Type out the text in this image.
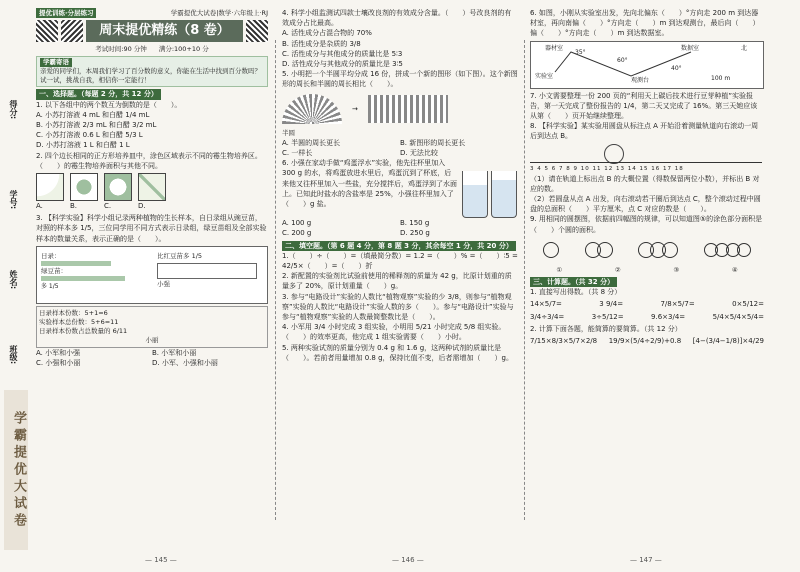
得分:
学号:
姓名:
班级:
学霸提优大试卷
提优训练·分层练习	学霸提优大试卷|数学·六年级上·RJ
周末提优精练（8 卷）
考试时间:90 分钟 满分:100+10 分
学霸寄语

亲爱的同学们，本周我们学习了百分数的意义，你能在生活中找到百分数吗？试一试，挑战自我，相信你一定能行！

一、选择题。（每题 2 分，共 12 分）

1. 以下各组中的两个数互为倒数的是（　　）。

A. 小苏打溶液 4 mL 和白醋 1/4 mL

B. 小苏打溶液 2/3 mL 和白醋 3/2 mL

C. 小苏打溶液 0.6 L 和白醋 5/3 L

D. 小苏打溶液 1 L 和白醋 1 L

2. 四个边长相同的正方形培养皿中，涂色区域表示不同的霉生物培养区。（　　）的霉生物培养面积与其他不同。

A.	B.	C.	D.

3. 【科学实验】科学小组记录两种植物的生长样本，自日录组从豌豆苗，对照的样本多 1/5，三位同学用不同方式表示日录组，绿豆苗组及全部实验样本的数量关系，表示正确的是（　　）。

日录：
绿豆苗：
多 1/5
比红豆苗多 1/5
小强

日录样本份数：5+1=6

实验样本总份数：5+6=11

日录样本份数占总数量的 6/11

小丽

A. 小军和小强	B. 小军和小丽
C. 小强和小丽	D. 小军、小强和小丽
— 145 —

4. 科学小组监测试四款士壤改良剂的有效成分含量。（　　）号改良剂的有效成分占比最高。

A. 活性成分占混合物的 70%

B. 活性成分是杂质的 3/8

C. 活性成分与其他成分的质量比是 5∶3

D. 活性成分与其他成分的质量比是 3∶5

5. 小明把一个半圆平均分成 16 份，拼成一个新的图形（如下图）。这个新图形的周长和半圆的周长相比（　　）。

→

半圆

A. 半圆的周长更长	B. 新图形的周长更长
C. 一样长	D. 无法比较

6. 小强在家动手做“鸡蛋浮水”实验，他先往杯里加入 300 g 的水，将鸡蛋放进水里后，鸡蛋沉到了杯底，后来他又往杯里加入一些盐，充分搅拌后，鸡蛋浮到了水面上。已知此时盐水的含盐率是 25%，小强往杯里加入了（　　）g 盐。

A. 100 g	B. 150 g
C. 200 g	D. 250 g

二、填空题。（第 6 题 4 分，第 8 题 3 分，其余每空 1 分，共 20 分）

1.（　　）÷（　　）=（填最简分数）= 1.2 =（　　）% =（　　）∶5 = 42/5×（　　）=（　　）折

2. 新配置的实验剂比试验前使用的稀释剂的质量为 42 g，比原计划重的质量多了 20%，原计划重量（　　）g。

3. 参与“电路设计”实验的人数比“植物观察”实验的少 3/8，则参与“植物观察”实验的人数比“电路设计”实验人数的多（　　）。参与“电路设计”实验与参与“植物观察”实验的人数最简整数比是（　　）。

4. 小军用 3/4 小时完成 3 组实验，小明用 5/21 小时完成 5/8 组实验。（　　）的效率更高，他完成 1 组实验需要（　　）小时。

5. 两种实验试剂的质量分别为 0.4 g 和 1.6 g，这两种试剂的质量比是（　　）。若前者用量增加 0.8 g，保持比值不变，后者需增加（　　）g。

— 146 —

6. 如图，小刚从实验室出发，先向北偏东（　　）°方向走 200 m 到达器材室，再向南偏（　　）°方向走（　　）m 到达观测台，最后向（　　）偏（　　）°方向走（　　）m 到达数据室。

器材室	数据室
实验室
观测台
35°
60°
40°
100 m
北

7. 小文需要整理一份 200 页的“利用天上碳后技术进行豆芽种植”实验报告，第一天完成了整份报告的 1/4，第二天又完成了 16%。第三天她应该从第（　　）页开始继续整理。

8. 【科学实验】某实验用圆盘从标注点 A 开始沿着测量轨道向右滚动一周后到达点 B。

3 4 5 6 7 8 9 10 11 12 13 14 15 16 17 18

（1）请在轨道上标出点 B 的大概位置（得数保留两位小数），并标出 B 对应的数。

（2）若圆盘从点 A 出发，向右滚动若干圈后到达点 C，整个滚动过程中圆盘的总面积（　　）平方厘米，点 C 对应的数是（　　）。

9. 用相同的圆摆图，依据前四幅图的规律，可以知道图⑤的涂色部分面积是（　　）个圆的面积。

①	②	③	④

三、计算题。（共 32 分）

1. 直接写出得数。（共 8 分）

14×5/7=	3 9/4=	7/8×5/7=	0×5/12=
3/4÷3/4=	3÷5/12=	9.6×3/4=	5/4×5/4×5/4=

2. 计算下面各题，能简算的要简算。（共 12 分）

7/15×8/3×5/7×2/8 19/9×(5/4÷2/9)+0.8 [4−(3/4−1/8)]×4/29
— 147 —
